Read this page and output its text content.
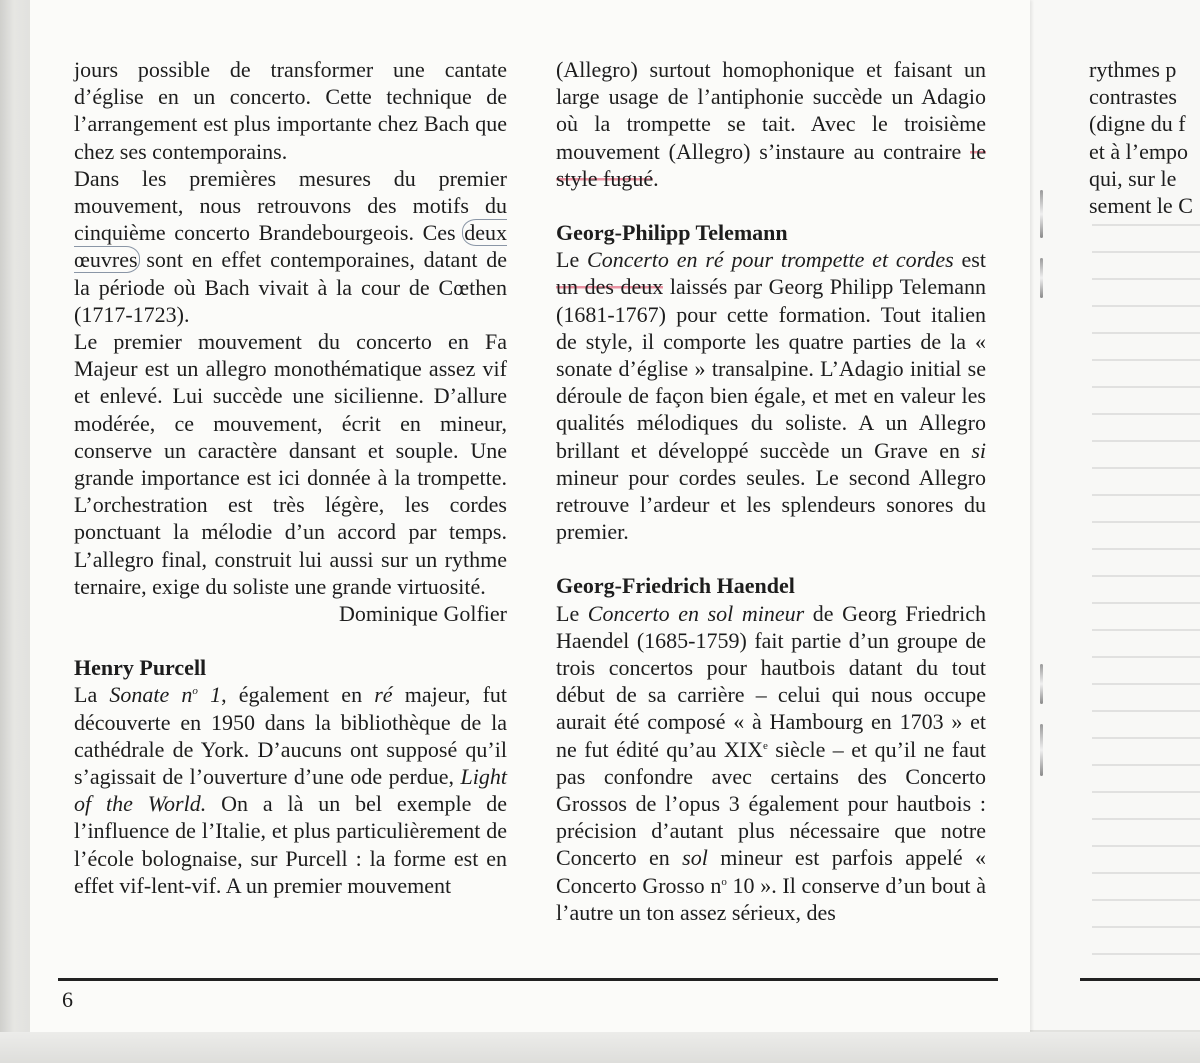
jours possible de transformer une cantate d’église en un concerto. Cette technique de l’arrangement est plus importante chez Bach que chez ses contemporains.

Dans les premières mesures du premier mouvement, nous retrouvons des motifs du cinquième concerto Brandebourgeois. Ces deux œuvres sont en effet contemporaines, datant de la période où Bach vivait à la cour de Cœthen (1717-1723).

Le premier mouvement du concerto en Fa Majeur est un allegro monothématique assez vif et enlevé. Lui succède une sicilienne. D’allure modérée, ce mouvement, écrit en mineur, conserve un caractère dansant et souple. Une grande importance est ici donnée à la trompette. L’orchestration est très légère, les cordes ponctuant la mélodie d’un accord par temps. L’allegro final, construit lui aussi sur un rythme ternaire, exige du soliste une grande virtuosité.

Dominique Golfier

Henry Purcell

La Sonate $n^o$ 1, également en ré majeur, fut découverte en 1950 dans la bibliothèque de la cathédrale de York. D’aucuns ont supposé qu’il s’agissait de l’ouverture d’une ode perdue, Light of the World. On a là un bel exemple de l’influence de l’Italie, et plus particulièrement de l’école bolognaise, sur Purcell : la forme est en effet vif-lent-vif. A un premier mouvement

(Allegro) surtout homophonique et faisant un large usage de l’antiphonie succède un Adagio où la trompette se tait. Avec le troisième mouvement (Allegro) s’instaure au contraire le style fugué.

Georg-Philipp Telemann

Le Concerto en ré pour trompette et cordes est un des deux laissés par Georg Philipp Telemann (1681-1767) pour cette formation. Tout italien de style, il comporte les quatre parties de la « sonate d’église » transalpine. L’Adagio initial se déroule de façon bien égale, et met en valeur les qualités mélodiques du soliste. A un Allegro brillant et développé succède un Grave en si mineur pour cordes seules. Le second Allegro retrouve l’ardeur et les splendeurs sonores du premier.

Georg-Friedrich Haendel

Le Concerto en sol mineur de Georg Friedrich Haendel (1685-1759) fait partie d’un groupe de trois concertos pour hautbois datant du tout début de sa carrière – celui qui nous occupe aurait été composé « à Hambourg en 1703 » et ne fut édité qu’au XIXe siècle – et qu’il ne faut pas confondre avec certains des Concerto Grossos de l’opus 3 également pour hautbois : précision d’autant plus nécessaire que notre Concerto en sol mineur est parfois appelé « Concerto Grosso $n^o$ 10 ». Il conserve d’un bout à l’autre un ton assez sérieux, des

rythmes p

contrastes

(digne du f

et à l’empo

qui, sur le

sement le C

6
